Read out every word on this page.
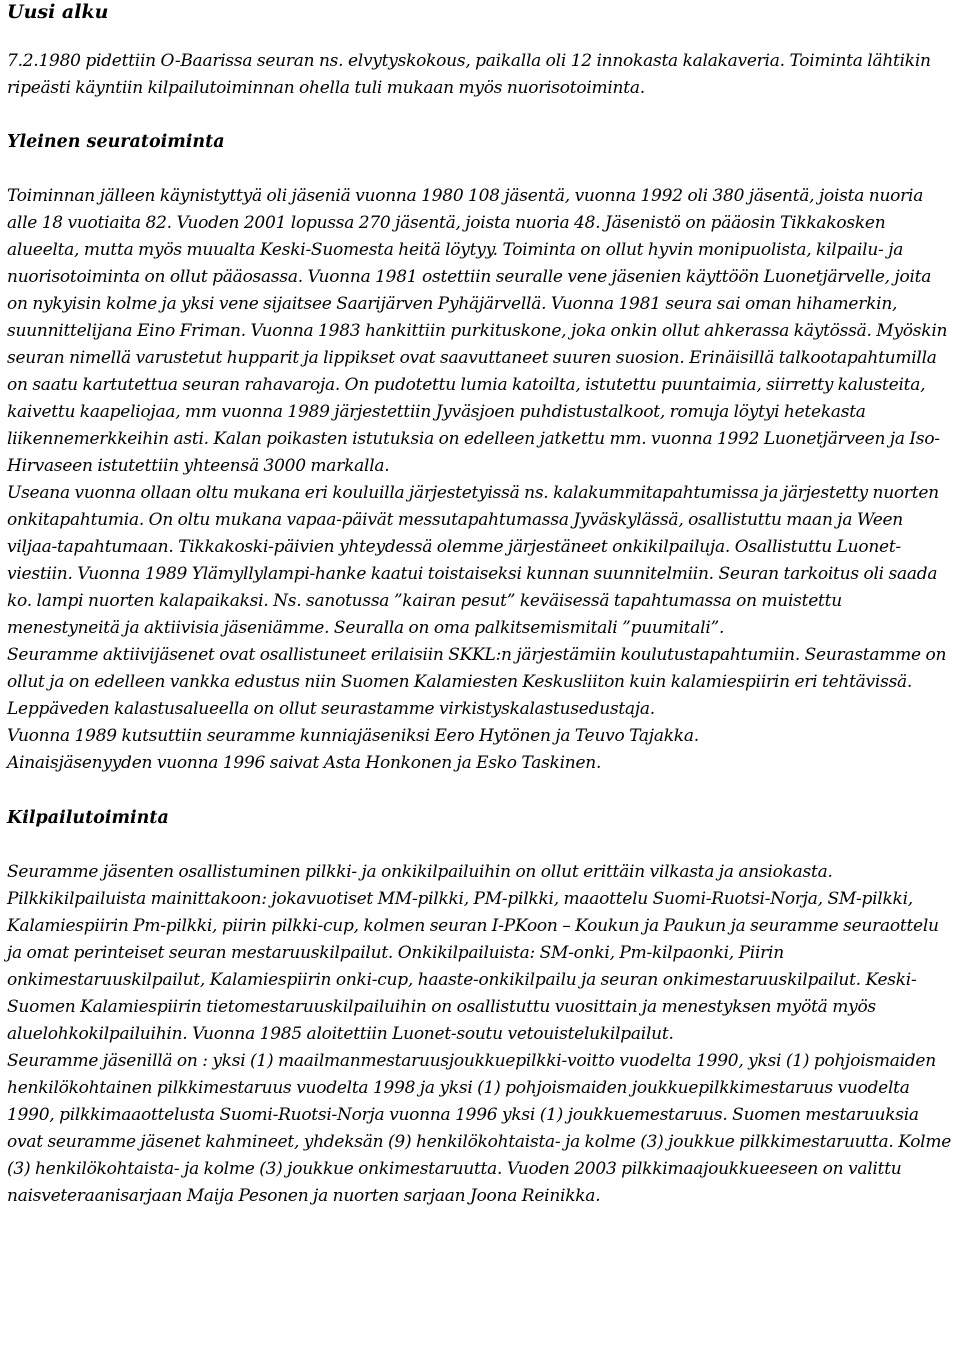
Uusi alku

7.2.1980 pidettiin O-Baarissa seuran ns. elvytyskokous, paikalla oli 12 innokasta kalakaveria. Toiminta lähtikin ripeästi käyntiin kilpailutoiminnan ohella tuli mukaan myös nuorisotoiminta.

Yleinen seuratoiminta

Toiminnan jälleen käynistyttyä oli jäseniä vuonna 1980 108 jäsentä, vuonna 1992 oli 380 jäsentä, joista nuoria alle 18 vuotiaita 82. Vuoden 2001 lopussa 270 jäsentä, joista nuoria 48. Jäsenistö on pääosin Tikkakosken alueelta, mutta myös muualta Keski-Suomesta heitä löytyy. Toiminta on ollut hyvin monipuolista, kilpailu- ja nuorisotoiminta on ollut pääosassa. Vuonna 1981 ostettiin seuralle vene jäsenien käyttöön Luonetjärvelle, joita on nykyisin kolme ja yksi vene sijaitsee Saarijärven Pyhäjärvellä. Vuonna 1981 seura sai oman hihamerkin, suunnittelijana Eino Friman. Vuonna 1983 hankittiin purkituskone, joka onkin ollut ahkerassa käytössä. Myöskin seuran nimellä varustetut hupparit ja lippikset ovat saavuttaneet suuren suosion. Erinäisillä talkootapahtumilla on saatu kartutettua seuran rahavaroja. On pudotettu lumia katoilta, istutettu puuntaimia, siirretty kalusteita, kaivettu kaapeliojaa, mm vuonna 1989 järjestettiin Jyväsjoen puhdistustalkoot, romuja löytyi hetekasta liikennemerkkeihin asti. Kalan poikasten istutuksia on edelleen jatkettu mm. vuonna 1992 Luonetjärveen ja Iso-Hirvaseen istutettiin yhteensä 3000 markalla.

Useana vuonna ollaan oltu mukana eri kouluilla järjestetyissä ns. kalakummitapahtumissa ja järjestetty nuorten onkitapahtumia. On oltu mukana vapaa-päivät messutapahtumassa Jyväskylässä, osallistuttu maan ja Ween viljaa-tapahtumaan. Tikkakoski-päivien yhteydessä olemme järjestäneet onkikilpailuja. Osallistuttu Luonet-viestiin. Vuonna 1989 Ylämyllylampi-hanke kaatui toistaiseksi kunnan suunnitelmiin. Seuran tarkoitus oli saada ko. lampi nuorten kalapaikaksi. Ns. sanotussa ”kairan pesut” keväisessä tapahtumassa on muistettu menestyneitä ja aktiivisia jäseniämme. Seuralla on oma palkitsemismitali ”puumitali”.

Seuramme aktiivijäsenet ovat osallistuneet erilaisiin SKKL:n järjestämiin koulutustapahtumiin. Seurastamme on ollut ja on edelleen vankka edustus niin Suomen Kalamiesten Keskusliiton kuin kalamiespiirin eri tehtävissä. Leppäveden kalastusalueella on ollut seurastamme virkistyskalastusedustaja.

Vuonna 1989 kutsuttiin seuramme kunniajäseniksi Eero Hytönen ja Teuvo Tajakka.

Ainaisjäsenyyden vuonna 1996 saivat Asta Honkonen ja Esko Taskinen.

Kilpailutoiminta

Seuramme jäsenten osallistuminen pilkki- ja onkikilpailuihin on ollut erittäin vilkasta ja ansiokasta. Pilkkikilpailuista mainittakoon: jokavuotiset MM-pilkki, PM-pilkki, maaottelu Suomi-Ruotsi-Norja, SM-pilkki, Kalamiespiirin Pm-pilkki, piirin pilkki-cup, kolmen seuran I-PKoon – Koukun ja Paukun ja seuramme seuraottelu ja omat perinteiset seuran mestaruuskilpailut. Onkikilpailuista: SM-onki, Pm-kilpaonki, Piirin onkimestaruuskilpailut, Kalamiespiirin onki-cup, haaste-onkikilpailu ja seuran onkimestaruuskilpailut. Keski-Suomen Kalamiespiirin tietomestaruuskilpailuihin on osallistuttu vuosittain ja menestyksen myötä myös aluelohkokilpailuihin. Vuonna 1985 aloitettiin Luonet-soutu vetouistelukilpailut.

Seuramme jäsenillä on : yksi (1) maailmanmestaruusjoukkuepilkki-voitto vuodelta 1990, yksi (1) pohjoismaiden henkilökohtainen pilkkimestaruus vuodelta 1998 ja yksi (1) pohjoismaiden joukkuepilkkimestaruus vuodelta 1990, pilkkimaaottelusta Suomi-Ruotsi-Norja vuonna 1996 yksi (1) joukkuemestaruus. Suomen mestaruuksia ovat seuramme jäsenet kahmineet, yhdeksän (9) henkilökohtaista- ja kolme (3) joukkue pilkkimestaruutta. Kolme (3) henkilökohtaista- ja kolme (3) joukkue onkimestaruutta. Vuoden 2003 pilkkimaajoukkueeseen on valittu naisveteraanisarjaan Maija Pesonen ja nuorten sarjaan Joona Reinikka.
